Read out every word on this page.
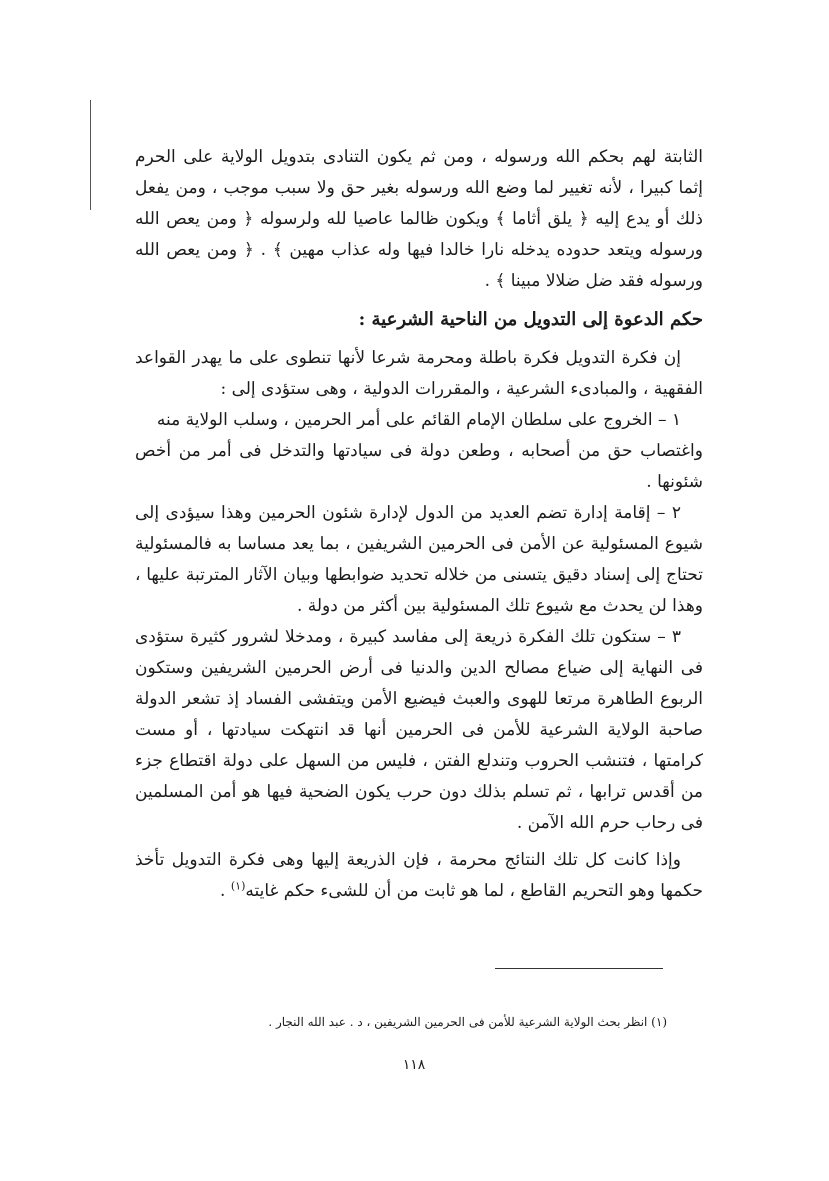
الثابتة لهم بحكم الله ورسوله ، ومن ثم يكون التنادى بتدويل الولاية على الحرم إثما كبيرا ، لأنه تغيير لما وضع الله ورسوله بغير حق ولا سبب موجب ، ومن يفعل ذلك أو يدع إليه ﴿ يلق أثاما ﴾ ويكون ظالما عاصيا لله ولرسوله ﴿ ومن يعص الله ورسوله ويتعد حدوده يدخله نارا خالدا فيها وله عذاب مهين ﴾ . ﴿ ومن يعص الله ورسوله فقد ضل ضلالا مبينا ﴾ .

حكم الدعوة إلى التدويل من الناحية الشرعية :

إن فكرة التدويل فكرة باطلة ومحرمة شرعا لأنها تنطوى على ما يهدر القواعد الفقهية ، والمبادىء الشرعية ، والمقررات الدولية ، وهى ستؤدى إلى :

١ – الخروج على سلطان الإمام القائم على أمر الحرمين ، وسلب الولاية منه

واغتصاب حق من أصحابه ، وطعن دولة فى سيادتها والتدخل فى أمر من أخص شئونها .

٢ – إقامة إدارة تضم العديد من الدول لإدارة شئون الحرمين وهذا سيؤدى إلى شيوع المسئولية عن الأمن فى الحرمين الشريفين ، بما يعد مساسا به فالمسئولية تحتاج إلى إسناد دقيق يتسنى من خلاله تحديد ضوابطها وبيان الآثار المترتبة عليها ، وهذا لن يحدث مع شيوع تلك المسئولية بين أكثر من دولة .

٣ – ستكون تلك الفكرة ذريعة إلى مفاسد كبيرة ، ومدخلا لشرور كثيرة ستؤدى فى النهاية إلى ضياع مصالح الدين والدنيا فى أرض الحرمين الشريفين وستكون الربوع الطاهرة مرتعا للهوى والعبث فيضيع الأمن ويتفشى الفساد إذ تشعر الدولة صاحبة الولاية الشرعية للأمن فى الحرمين أنها قد انتهكت سيادتها ، أو مست كرامتها ، فتنشب الحروب وتندلع الفتن ، فليس من السهل على دولة اقتطاع جزء من أقدس ترابها ، ثم تسلم بذلك دون حرب يكون الضحية فيها هو أمن المسلمين فى رحاب حرم الله الآمن .

وإذا كانت كل تلك النتائج محرمة ، فإن الذريعة إليها وهى فكرة التدويل تأخذ حكمها وهو التحريم القاطع ، لما هو ثابت من أن للشىء حكم غايته$^{(١)}$ .

(١) انظر بحث الولاية الشرعية للأمن فى الحرمين الشريفين ، د . عبد الله النجار .
١١٨
